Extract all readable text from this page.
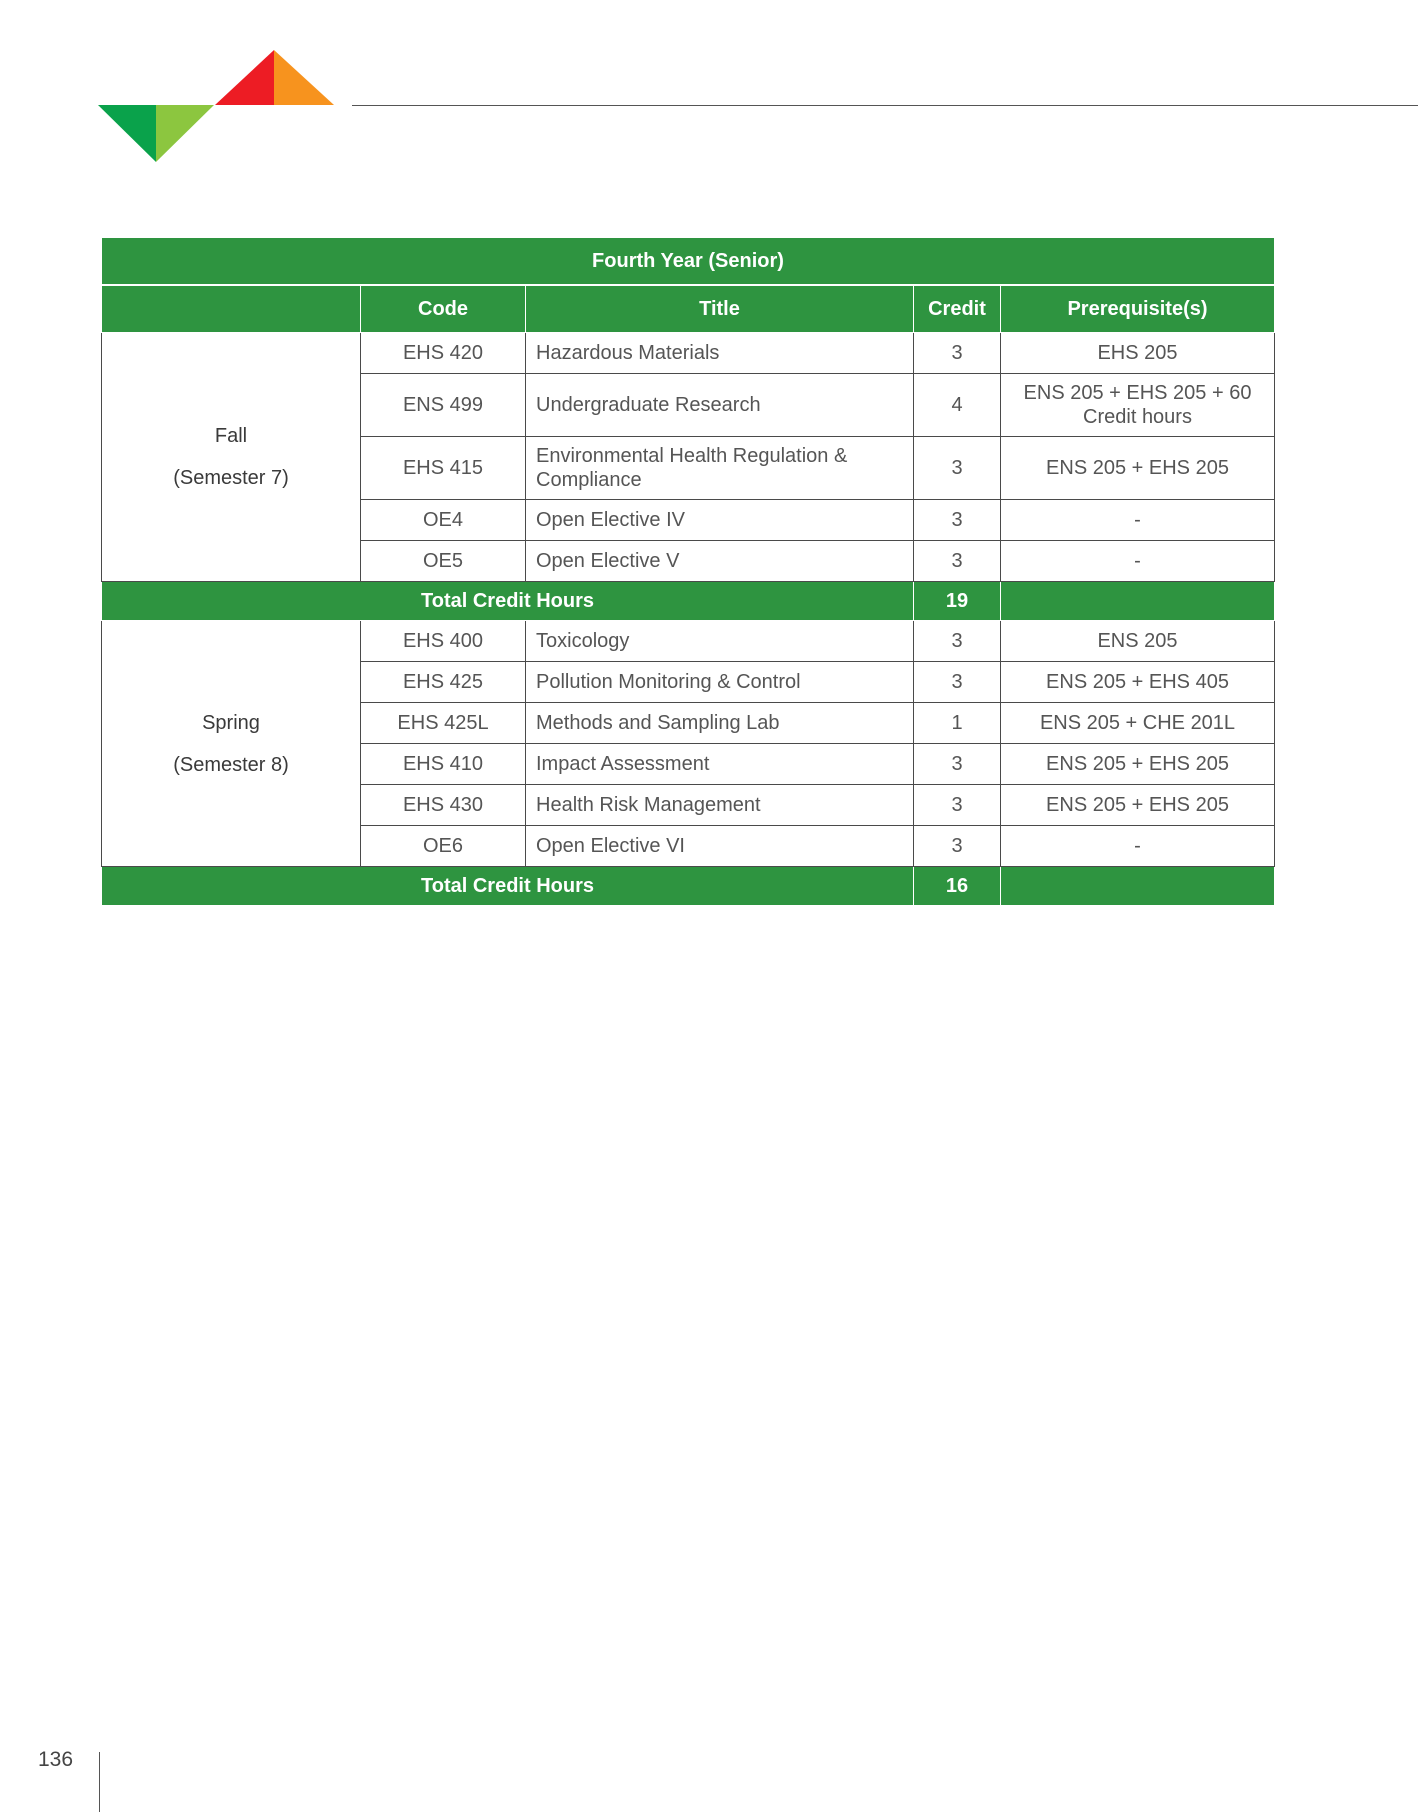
Fourth Year (Senior)				
	Code	Title	Credit	Prerequisite(s)

Fall
(Semester 7)	EHS 420	Hazardous Materials	3	EHS 205
	ENS 499	Undergraduate Research	4	ENS 205 + EHS 205 + 60 Credit hours
	EHS 415	Environmental Health Regulation & Compliance	3	ENS 205 + EHS 205
	OE4	Open Elective IV	3	-
	OE5	Open Elective V	3	-
Total Credit Hours			19	

Spring
(Semester 8)	EHS 400	Toxicology	3	ENS 205
	EHS 425	Pollution Monitoring & Control	3	ENS 205 + EHS 405
	EHS 425L	Methods and Sampling Lab	1	ENS 205 + CHE 201L
	EHS 410	Impact Assessment	3	ENS 205 + EHS 205
	EHS 430	Health Risk Management	3	ENS 205 + EHS 205
	OE6	Open Elective VI	3	-
Total Credit Hours			16	
136
